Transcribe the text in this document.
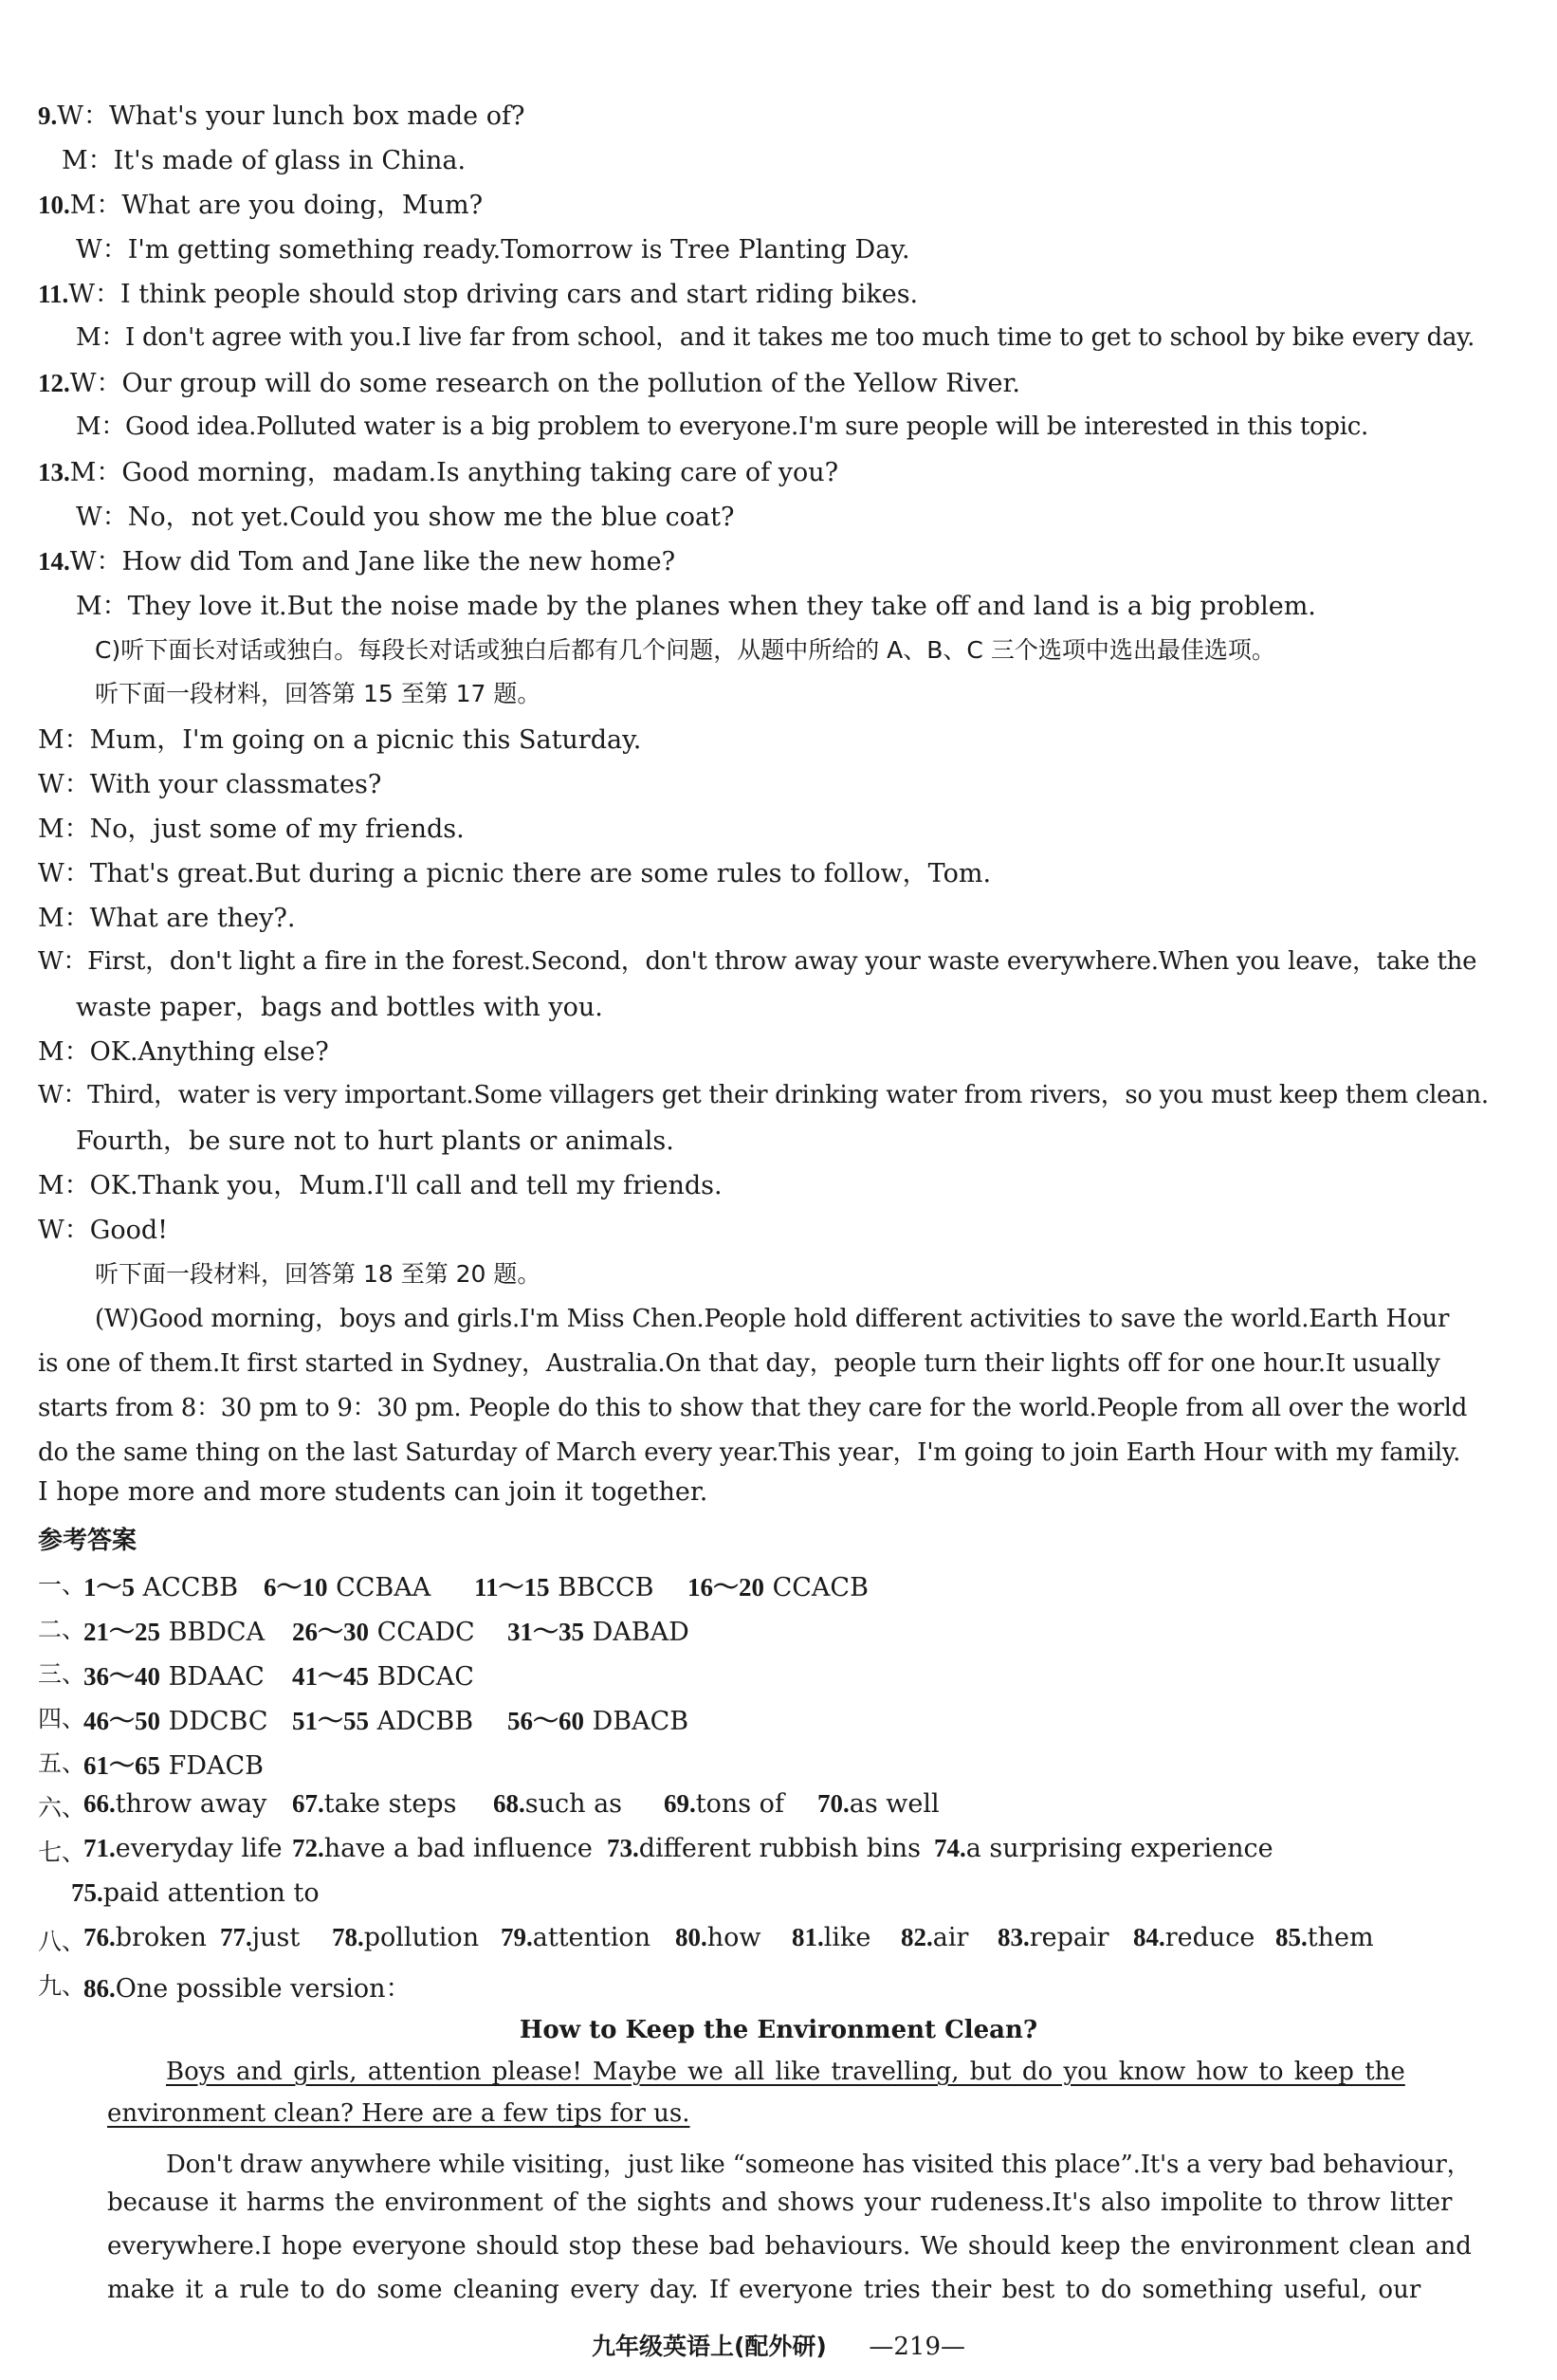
9.W：What's your lunch box made of?
M：It's made of glass in China.
10.M：What are you doing，Mum?
W：I'm getting something ready.Tomorrow is Tree Planting Day.
11.W：I think people should stop driving cars and start riding bikes.
M：I don't agree with you.I live far from school，and it takes me too much time to get to school by bike every day.
12.W：Our group will do some research on the pollution of the Yellow River.
M：Good idea.Polluted water is a big problem to everyone.I'm sure people will be interested in this topic.
13.M：Good morning，madam.Is anything taking care of you?
W：No，not yet.Could you show me the blue coat?
14.W：How did Tom and Jane like the new home?
M：They love it.But the noise made by the planes when they take off and land is a big problem.
C)听下面长对话或独白。每段长对话或独白后都有几个问题，从题中所给的 A、B、C 三个选项中选出最佳选项。
听下面一段材料，回答第 15 至第 17 题。
M：Mum，I'm going on a picnic this Saturday.
W：With your classmates?
M：No，just some of my friends.
W：That's great.But during a picnic there are some rules to follow，Tom.
M：What are they?.
W：First，don't light a fire in the forest.Second，don't throw away your waste everywhere.When you leave，take the
waste paper，bags and bottles with you.
M：OK.Anything else?
W：Third，water is very important.Some villagers get their drinking water from rivers，so you must keep them clean.
Fourth，be sure not to hurt plants or animals.
M：OK.Thank you，Mum.I'll call and tell my friends.
W：Good!
听下面一段材料，回答第 18 至第 20 题。
(W)Good morning，boys and girls.I'm Miss Chen.People hold different activities to save the world.Earth Hour
is one of them.It first started in Sydney，Australia.On that day，people turn their lights off for one hour.It usually
starts from 8：30 pm to 9：30 pm. People do this to show that they care for the world.People from all over the world
do the same thing on the last Saturday of March every year.This year，I'm going to join Earth Hour with my family.
I hope more and more students can join it together.
参考答案
一、
1～5 ACCBB 6～10 CCBAA 11～15 BBCCB 16～20 CCACB
二、
21～25 BBDCA 26～30 CCADC 31～35 DABAD
三、
36～40 BDAAC 41～45 BDCAC
四、
46～50 DDCBC 51～55 ADCBB 56～60 DBACB
五、
61～65 FDACB
六、
66.throw away 67.take steps 68.such as 69.tons of 70.as well
七、
71.everyday life 72.have a bad influence 73.different rubbish bins 74.a surprising experience
75.paid attention to
八、
76.broken 77.just 78.pollution 79.attention 80.how 81.like 82.air 83.repair 84.reduce 85.them
九、
86.One possible version：
How to Keep the Environment Clean?
Boys and girls, attention please! Maybe we all like travelling, but do you know how to keep the
environment clean? Here are a few tips for us.
Don't draw anywhere while visiting，just like “someone has visited this place”.It's a very bad behaviour，
because it harms the environment of the sights and shows your rudeness.It's also impolite to throw litter
everywhere.I hope everyone should stop these bad behaviours. We should keep the environment clean and
make it a rule to do some cleaning every day. If everyone tries their best to do something useful, our
九年级英语上(配外研) —219—
